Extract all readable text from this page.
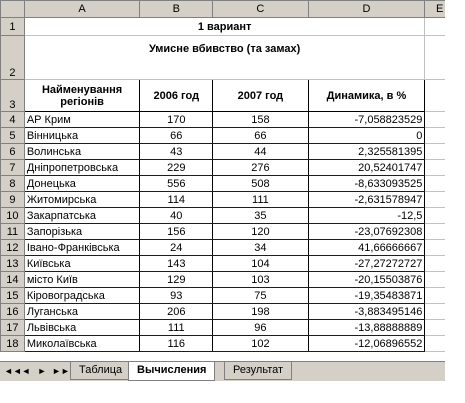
	A	B	C	D	E
1	1 вариант				
2	Умисне вбивство (та замах)				
3	Найменування регіонів	2006 год	2007 год	Динамика, в %	
4	АР Крим	170	158	-7,058823529	
5	Вінницька	66	66	0	
6	Волинська	43	44	2,325581395	
7	Дніпропетровська	229	276	20,52401747	
8	Донецька	556	508	-8,633093525	
9	Житомирська	114	111	-2,631578947	
10	Закарпатська	40	35	-12,5	
11	Запорізька	156	120	-23,07692308	
12	Івано-Франківська	24	34	41,66666667	
13	Київська	143	104	-27,27272727	
14	місто Київ	129	103	-20,15503876	
15	Кіровоградська	93	75	-19,35483871	
16	Луганська	206	198	-3,883495146	
17	Львівська	111	96	-13,88888889	
18	Миколаївська	116	102	-12,06896552	
◄◄ ◄ ► ►► Таблица	Вычисления	Результат
